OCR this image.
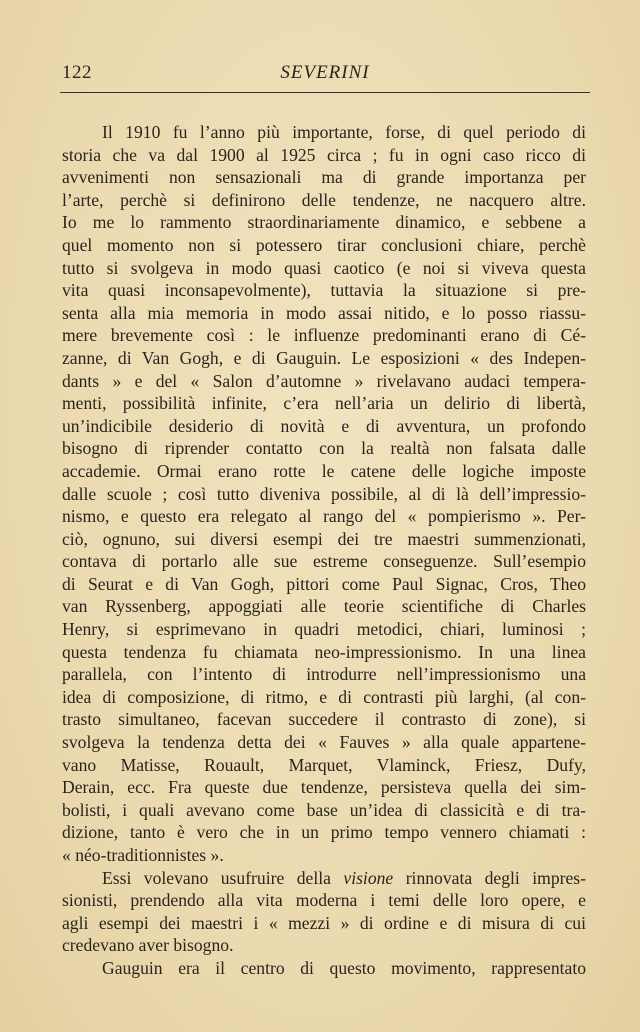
122	SEVERINI
Il 1910 fu l’anno più importante, forse, di quel periodo di
storia che va dal 1900 al 1925 circa ; fu in ogni caso ricco di
avvenimenti non sensazionali ma di grande importanza per
l’arte, perchè si definirono delle tendenze, ne nacquero altre.
Io me lo rammento straordinariamente dinamico, e sebbene a
quel momento non si potessero tirar conclusioni chiare, perchè
tutto si svolgeva in modo quasi caotico (e noi si viveva questa
vita quasi inconsapevolmente), tuttavia la situazione si pre-
senta alla mia memoria in modo assai nitido, e lo posso riassu-
mere brevemente così : le influenze predominanti erano di Cé-
zanne, di Van Gogh, e di Gauguin. Le esposizioni « des Indepen-
dants » e del « Salon d’automne » rivelavano audaci tempera-
menti, possibilità infinite, c’era nell’aria un delirio di libertà,
un’indicibile desiderio di novità e di avventura, un profondo
bisogno di riprender contatto con la realtà non falsata dalle
accademie. Ormai erano rotte le catene delle logiche imposte
dalle scuole ; così tutto diveniva possibile, al di là dell’impressio-
nismo, e questo era relegato al rango del « pompierismo ». Per-
ciò, ognuno, sui diversi esempi dei tre maestri summenzionati,
contava di portarlo alle sue estreme conseguenze. Sull’esempio
di Seurat e di Van Gogh, pittori come Paul Signac, Cros, Theo
van Ryssenberg, appoggiati alle teorie scientifiche di Charles
Henry, si esprimevano in quadri metodici, chiari, luminosi ;
questa tendenza fu chiamata neo-impressionismo. In una linea
parallela, con l’intento di introdurre nell’impressionismo una
idea di composizione, di ritmo, e di contrasti più larghi, (al con-
trasto simultaneo, facevan succedere il contrasto di zone), si
svolgeva la tendenza detta dei « Fauves » alla quale appartene-
vano Matisse, Rouault, Marquet, Vlaminck, Friesz, Dufy,
Derain, ecc. Fra queste due tendenze, persisteva quella dei sim-
bolisti, i quali avevano come base un’idea di classicità e di tra-
dizione, tanto è vero che in un primo tempo vennero chiamati :
« néo-traditionnistes ».
Essi volevano usufruire della visione rinnovata degli impres-
sionisti, prendendo alla vita moderna i temi delle loro opere, e
agli esempi dei maestri i « mezzi » di ordine e di misura di cui
credevano aver bisogno.
Gauguin era il centro di questo movimento, rappresentato
